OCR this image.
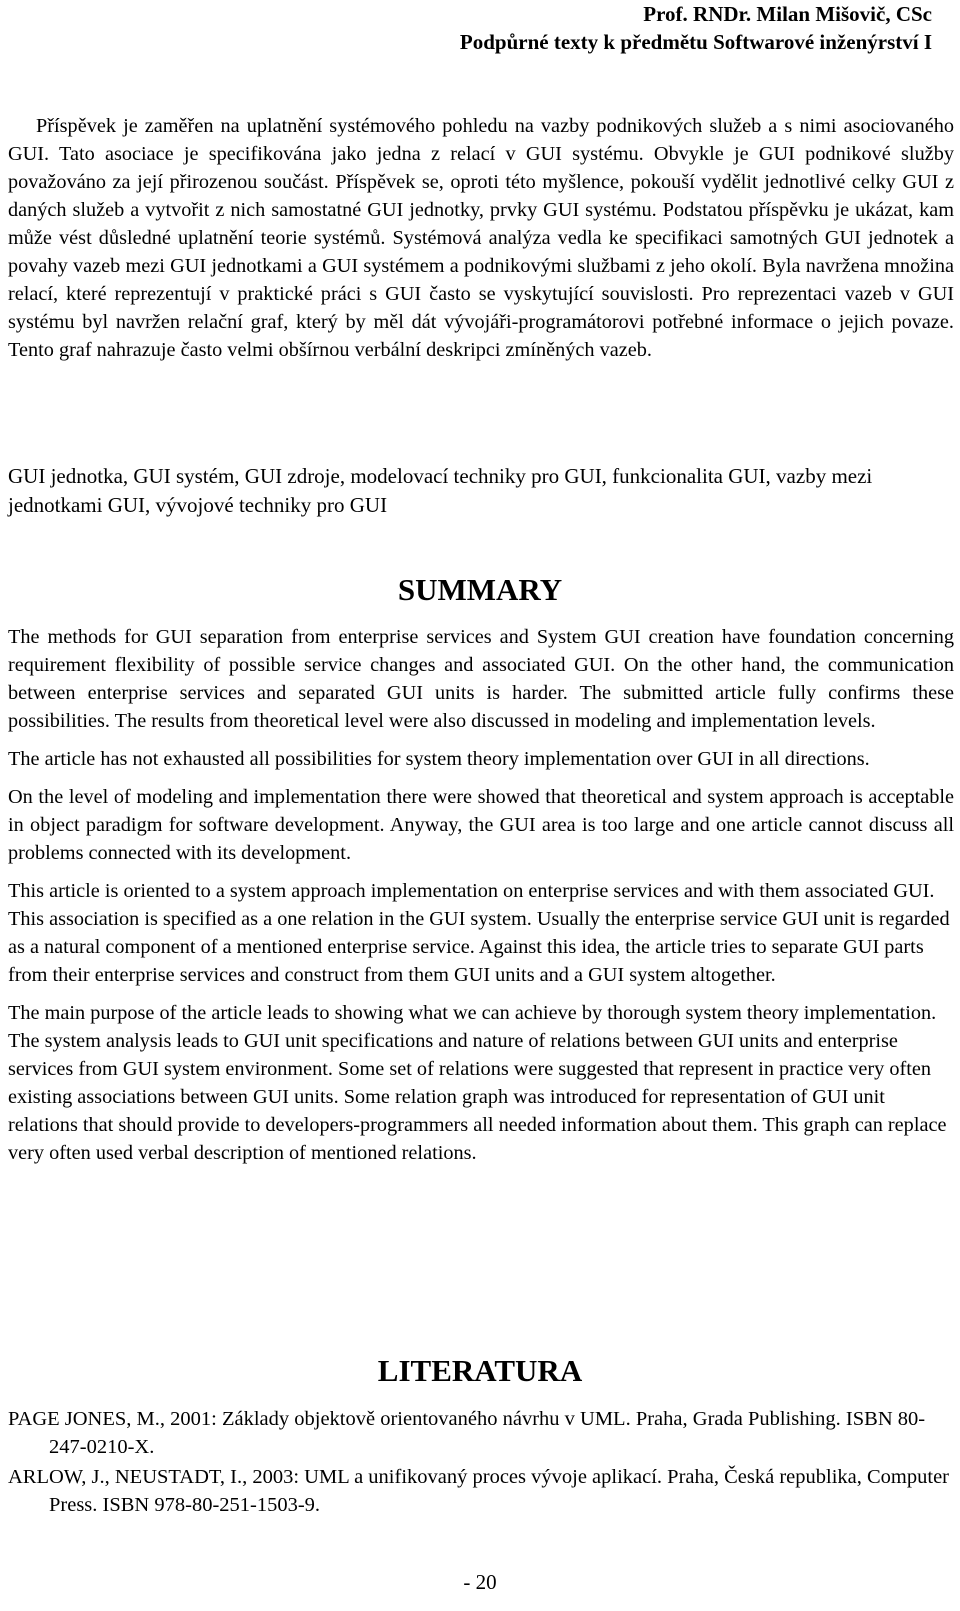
Prof. RNDr. Milan Mišovič, CSc
Podpůrné texty k předmětu Softwarové inženýrství I

Příspěvek je zaměřen na uplatnění systémového pohledu na vazby podnikových služeb a s nimi asociovaného GUI. Tato asociace je specifikována jako jedna z relací v GUI systému. Obvykle je GUI podnikové služby považováno za její přirozenou součást. Příspěvek se, oproti této myšlence, pokouší vydělit jednotlivé celky GUI z daných služeb a vytvořit z nich samostatné GUI jednotky, prvky GUI systému. Podstatou příspěvku je ukázat, kam může vést důsledné uplatnění teorie systémů. Systémová analýza vedla ke specifikaci samotných GUI jednotek a povahy vazeb mezi GUI jednotkami a GUI systémem a podnikovými službami z jeho okolí. Byla navržena množina relací, které reprezentují v praktické práci s GUI často se vyskytující souvislosti. Pro reprezentaci vazeb v GUI systému byl navržen relační graf, který by měl dát vývojáři-programátorovi potřebné informace o jejich povaze. Tento graf nahrazuje často velmi obšírnou verbální deskripci zmíněných vazeb.

GUI jednotka, GUI systém, GUI zdroje, modelovací techniky pro GUI, funkcionalita GUI, vazby mezi jednotkami GUI, vývojové techniky pro GUI

SUMMARY

The methods for GUI separation from enterprise services and System GUI creation have foundation concerning requirement flexibility of possible service changes and associated GUI. On the other hand, the communication between enterprise services and separated GUI units is harder. The submitted article fully confirms these possibilities. The results from theoretical level were also discussed in modeling and implementation levels.

The article has not exhausted all possibilities for system theory implementation over GUI in all directions.

On the level of modeling and implementation there were showed that theoretical and system approach is acceptable in object paradigm for software development. Anyway, the GUI area is too large and one article cannot discuss all problems connected with its development.

This article is oriented to a system approach implementation on enterprise services and with them associated GUI. This association is specified as a one relation in the GUI system. Usually the enterprise service GUI unit is regarded as a natural component of a mentioned enterprise service. Against this idea, the article tries to separate GUI parts from their enterprise services and construct from them GUI units and a GUI system altogether.

The main purpose of the article leads to showing what we can achieve by thorough system theory implementation. The system analysis leads to GUI unit specifications and nature of relations between GUI units and enterprise services from GUI system environment. Some set of relations were suggested that represent in practice very often existing associations between GUI units. Some relation graph was introduced for representation of GUI unit relations that should provide to developers-programmers all needed information about them. This graph can replace very often used verbal description of mentioned relations.

LITERATURA
PAGE JONES, M., 2001: Základy objektově orientovaného návrhu v UML. Praha, Grada Publishing. ISBN 80-247-0210-X.
ARLOW, J., NEUSTADT, I., 2003: UML a unifikovaný proces vývoje aplikací. Praha, Česká republika, Computer Press. ISBN 978-80-251-1503-9.
- 20
